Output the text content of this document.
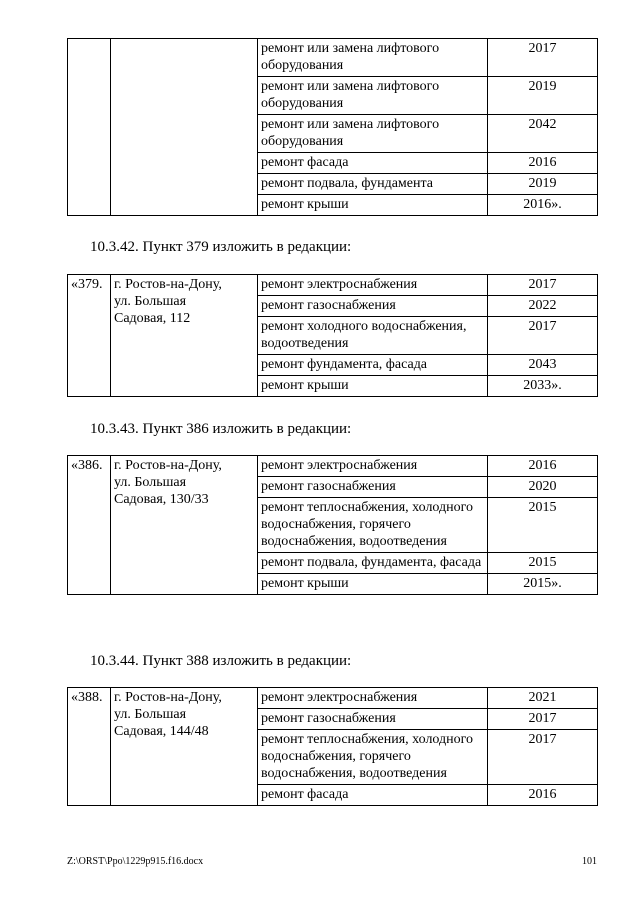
		ремонт или замена лифтового оборудования	2017
		ремонт или замена лифтового оборудования	2019
		ремонт или замена лифтового оборудования	2042
		ремонт фасада	2016
		ремонт подвала, фундамента	2019
		ремонт крыши	2016».
10.3.42. Пункт 379 изложить в редакции:
«379.	г. Ростов-на-Дону,
ул. Большая
Садовая, 112	ремонт электроснабжения	2017
		ремонт газоснабжения	2022
		ремонт холодного водоснабжения, водоотведения	2017
		ремонт фундамента, фасада	2043
		ремонт крыши	2033».
10.3.43. Пункт 386 изложить в редакции:
«386.	г. Ростов-на-Дону,
ул. Большая
Садовая, 130/33	ремонт электроснабжения	2016
		ремонт газоснабжения	2020
		ремонт теплоснабжения, холодного водоснабжения, горячего водоснабжения, водоотведения	2015
		ремонт подвала, фундамента, фасада	2015
		ремонт крыши	2015».
10.3.44. Пункт 388 изложить в редакции:
«388.	г. Ростов-на-Дону,
ул. Большая
Садовая, 144/48	ремонт электроснабжения	2021
		ремонт газоснабжения	2017
		ремонт теплоснабжения, холодного водоснабжения, горячего водоснабжения, водоотведения	2017
		ремонт фасада	2016
Z:\ORST\Ppo\1229p915.f16.docx	101
